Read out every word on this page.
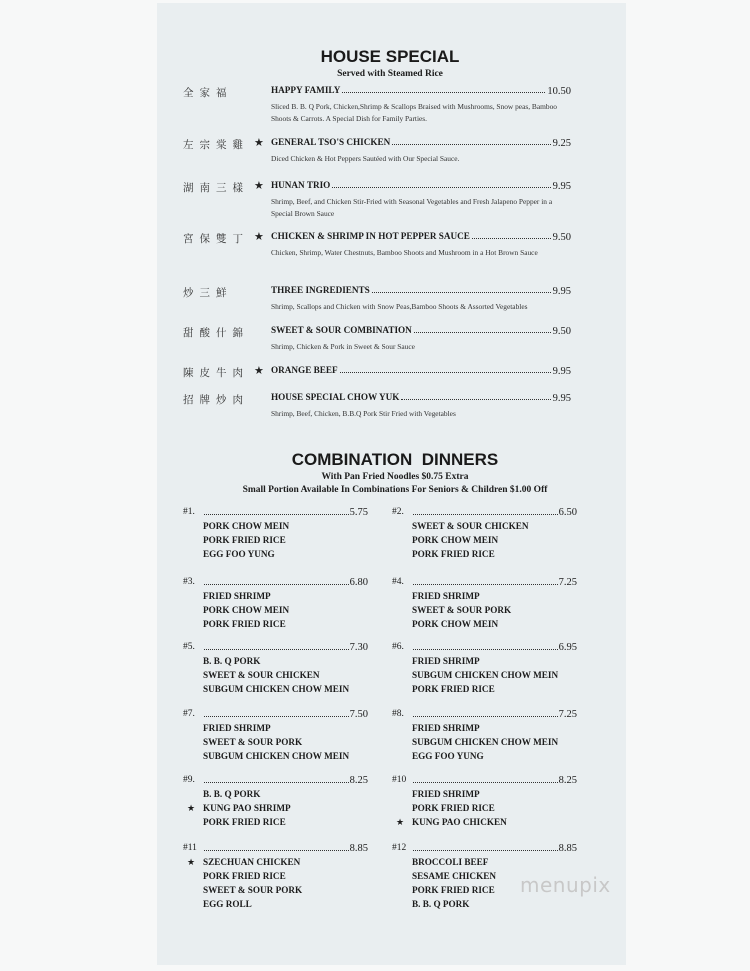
HOUSE SPECIAL
Served with Steamed Rice
全家福	HAPPY FAMILY	10.50
Sliced B. B. Q Pork, Chicken,Shrimp & Scallops Braised with Mushrooms, Snow peas, Bamboo Shoots & Carrots. A Special Dish for Family Parties.
左宗棠雞 ★ GENERAL TSO'S CHICKEN	9.25
Diced Chicken & Hot Peppers Sautéed with Our Special Sauce.
湖南三樣 ★ HUNAN TRIO	9.95
Shrimp, Beef, and Chicken Stir-Fried with Seasonal Vegetables and Fresh Jalapeno Pepper in a Special Brown Sauce
宮保雙丁 ★ CHICKEN & SHRIMP IN HOT PEPPER SAUCE	9.50
Chicken, Shrimp, Water Chestnuts, Bamboo Shoots and Mushroom in a Hot Brown Sauce
炒三鮮	THREE INGREDIENTS	9.95
Shrimp, Scallops and Chicken with Snow Peas,Bamboo Shoots & Assorted Vegetables
甜酸什錦 SWEET & SOUR COMBINATION	9.50
Shrimp, Chicken & Pork in Sweet & Sour Sauce
陳皮牛肉 ★ ORANGE BEEF	9.95
招牌炒肉 HOUSE SPECIAL CHOW YUK	9.95
Shrimp, Beef, Chicken, B.B.Q Pork Stir Fried with Vegetables
COMBINATION  DINNERS
With Pan Fried Noodles $0.75 Extra
Small Portion Available In Combinations For Seniors & Children $1.00 Off
#1.	5.75
PORK CHOW MEIN
PORK FRIED RICE
EGG FOO YUNG
#2.	6.50
SWEET & SOUR CHICKEN
PORK CHOW MEIN
PORK FRIED RICE
#3.	6.80
FRIED SHRIMP
PORK CHOW MEIN
PORK FRIED RICE
#4.	7.25
FRIED SHRIMP
SWEET & SOUR PORK
PORK CHOW MEIN
#5.	7.30
B. B. Q PORK
SWEET & SOUR CHICKEN
SUBGUM CHICKEN CHOW MEIN
#6.	6.95
FRIED SHRIMP
SUBGUM CHICKEN CHOW MEIN
PORK FRIED RICE
#7.	7.50
FRIED SHRIMP
SWEET & SOUR PORK
SUBGUM CHICKEN CHOW MEIN
#8.	7.25
FRIED SHRIMP
SUBGUM CHICKEN CHOW MEIN
EGG FOO YUNG
#9.	8.25
B. B. Q PORK
★ KUNG PAO SHRIMP
PORK FRIED RICE
#10	8.25
FRIED SHRIMP
PORK FRIED RICE
★ KUNG PAO CHICKEN
#11	8.85
★ SZECHUAN CHICKEN
PORK FRIED RICE
SWEET & SOUR PORK
EGG ROLL
#12	8.85
BROCCOLI BEEF
SESAME CHICKEN
PORK FRIED RICE
B. B. Q PORK
menupix
